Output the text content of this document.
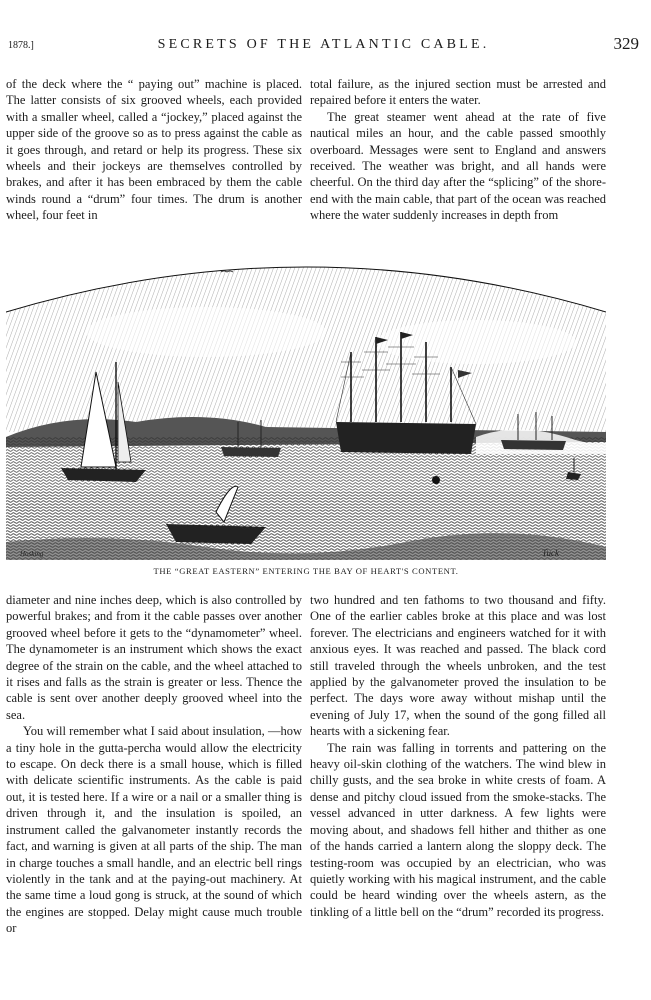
1878.]	SECRETS OF THE ATLANTIC CABLE.	329

of the deck where the “ paying out” machine is placed. The latter consists of six grooved wheels, each provided with a smaller wheel, called a “jockey,” placed against the upper side of the groove so as to press against the cable as it goes through, and retard or help its progress. These six wheels and their jockeys are themselves controlled by brakes, and after it has been embraced by them the cable winds round a “drum” four times. The drum is another wheel, four feet in

total failure, as the injured section must be arrested and repaired before it enters the water.

The great steamer went ahead at the rate of five nautical miles an hour, and the cable passed smoothly overboard. Messages were sent to England and answers received. The weather was bright, and all hands were cheerful. On the third day after the “splicing” of the shore-end with the main cable, that part of the ocean was reached where the water suddenly increases in depth from

Hosking	Tuck
THE “GREAT EASTERN” ENTERING THE BAY OF HEART'S CONTENT.

diameter and nine inches deep, which is also controlled by powerful brakes; and from it the cable passes over another grooved wheel before it gets to the “dynamometer” wheel. The dynamometer is an instrument which shows the exact degree of the strain on the cable, and the wheel attached to it rises and falls as the strain is greater or less. Thence the cable is sent over another deeply grooved wheel into the sea.

You will remember what I said about insulation, —how a tiny hole in the gutta-percha would allow the electricity to escape. On deck there is a small house, which is filled with delicate scientific instruments. As the cable is paid out, it is tested here. If a wire or a nail or a smaller thing is driven through it, and the insulation is spoiled, an instrument called the galvanometer instantly records the fact, and warning is given at all parts of the ship. The man in charge touches a small handle, and an electric bell rings violently in the tank and at the paying-out machinery. At the same time a loud gong is struck, at the sound of which the engines are stopped. Delay might cause much trouble or

two hundred and ten fathoms to two thousand and fifty. One of the earlier cables broke at this place and was lost forever. The electricians and engineers watched for it with anxious eyes. It was reached and passed. The black cord still traveled through the wheels unbroken, and the test applied by the galvanometer proved the insulation to be perfect. The days wore away without mishap until the evening of July 17, when the sound of the gong filled all hearts with a sickening fear.

The rain was falling in torrents and pattering on the heavy oil-skin clothing of the watchers. The wind blew in chilly gusts, and the sea broke in white crests of foam. A dense and pitchy cloud issued from the smoke-stacks. The vessel advanced in utter darkness. A few lights were moving about, and shadows fell hither and thither as one of the hands carried a lantern along the sloppy deck. The testing-room was occupied by an electrician, who was quietly working with his magical instrument, and the cable could be heard winding over the wheels astern, as the tinkling of a little bell on the “drum” recorded its progress.
